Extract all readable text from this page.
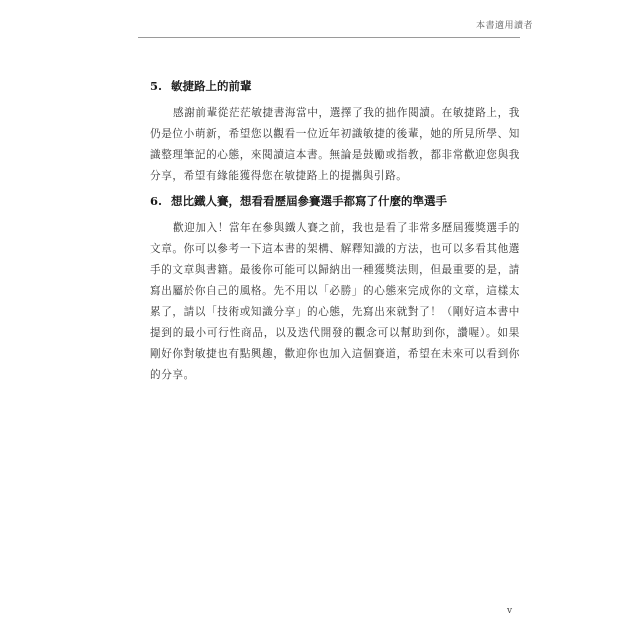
本書適用讀者
5. 敏捷路上的前輩

感謝前輩從茫茫敏捷書海當中，選擇了我的拙作閱讀。在敏捷路上，我仍是位小萌新，希望您以觀看一位近年初識敏捷的後輩，她的所見所學、知識整理筆記的心態，來閱讀這本書。無論是鼓勵或指教，都非常歡迎您與我分享，希望有緣能獲得您在敏捷路上的提攜與引路。

6. 想比鐵人賽，想看看歷屆參賽選手都寫了什麼的準選手

歡迎加入！當年在參與鐵人賽之前，我也是看了非常多歷屆獲獎選手的文章。你可以參考一下這本書的架構、解釋知識的方法，也可以多看其他選手的文章與書籍。最後你可能可以歸納出一種獲獎法則，但最重要的是，請寫出屬於你自己的風格。先不用以「必勝」的心態來完成你的文章，這樣太累了，請以「技術或知識分享」的心態，先寫出來就對了！（剛好這本書中提到的最小可行性商品，以及迭代開發的觀念可以幫助到你，讚喔）。如果剛好你對敏捷也有點興趣，歡迎你也加入這個賽道，希望在未來可以看到你的分享。

v
